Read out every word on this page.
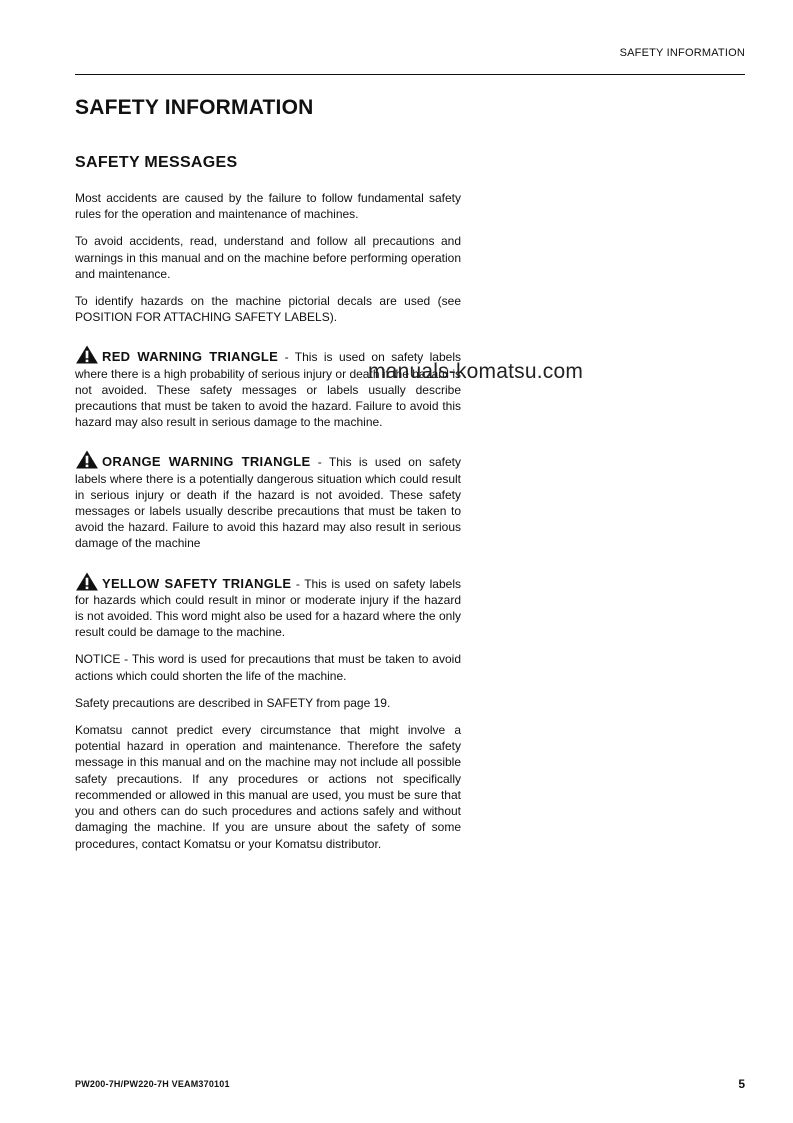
SAFETY INFORMATION
SAFETY INFORMATION
SAFETY MESSAGES

Most accidents are caused by the failure to follow fundamental safety rules for the operation and maintenance of machines.

To avoid accidents, read, understand and follow all precautions and warnings in this manual and on the machine before performing operation and maintenance.

To identify hazards on the machine pictorial decals are used (see POSITION FOR ATTACHING SAFETY LABELS).

RED WARNING TRIANGLE - This is used on safety labels where there is a high probability of serious injury or death if the hazard is not avoided. These safety messages or labels usually describe precautions that must be taken to avoid the hazard. Failure to avoid this hazard may also result in serious damage to the machine.

ORANGE WARNING TRIANGLE - This is used on safety labels where there is a potentially dangerous situation which could result in serious injury or death if the hazard is not avoided. These safety messages or labels usually describe precautions that must be taken to avoid the hazard. Failure to avoid this hazard may also result in serious damage of the machine

YELLOW SAFETY TRIANGLE - This is used on safety labels for hazards which could result in minor or moderate injury if the hazard is not avoided. This word might also be used for a hazard where the only result could be damage to the machine.

NOTICE - This word is used for precautions that must be taken to avoid actions which could shorten the life of the machine.

Safety precautions are described in SAFETY from page 19.

Komatsu cannot predict every circumstance that might involve a potential hazard in operation and maintenance. Therefore the safety message in this manual and on the machine may not include all possible safety precautions. If any procedures or actions not specifically recommended or allowed in this manual are used, you must be sure that you and others can do such procedures and actions safely and without damaging the machine. If you are unsure about the safety of some procedures, contact Komatsu or your Komatsu distributor.

manuals-komatsu.com
PW200-7H/PW220-7H VEAM370101	5
